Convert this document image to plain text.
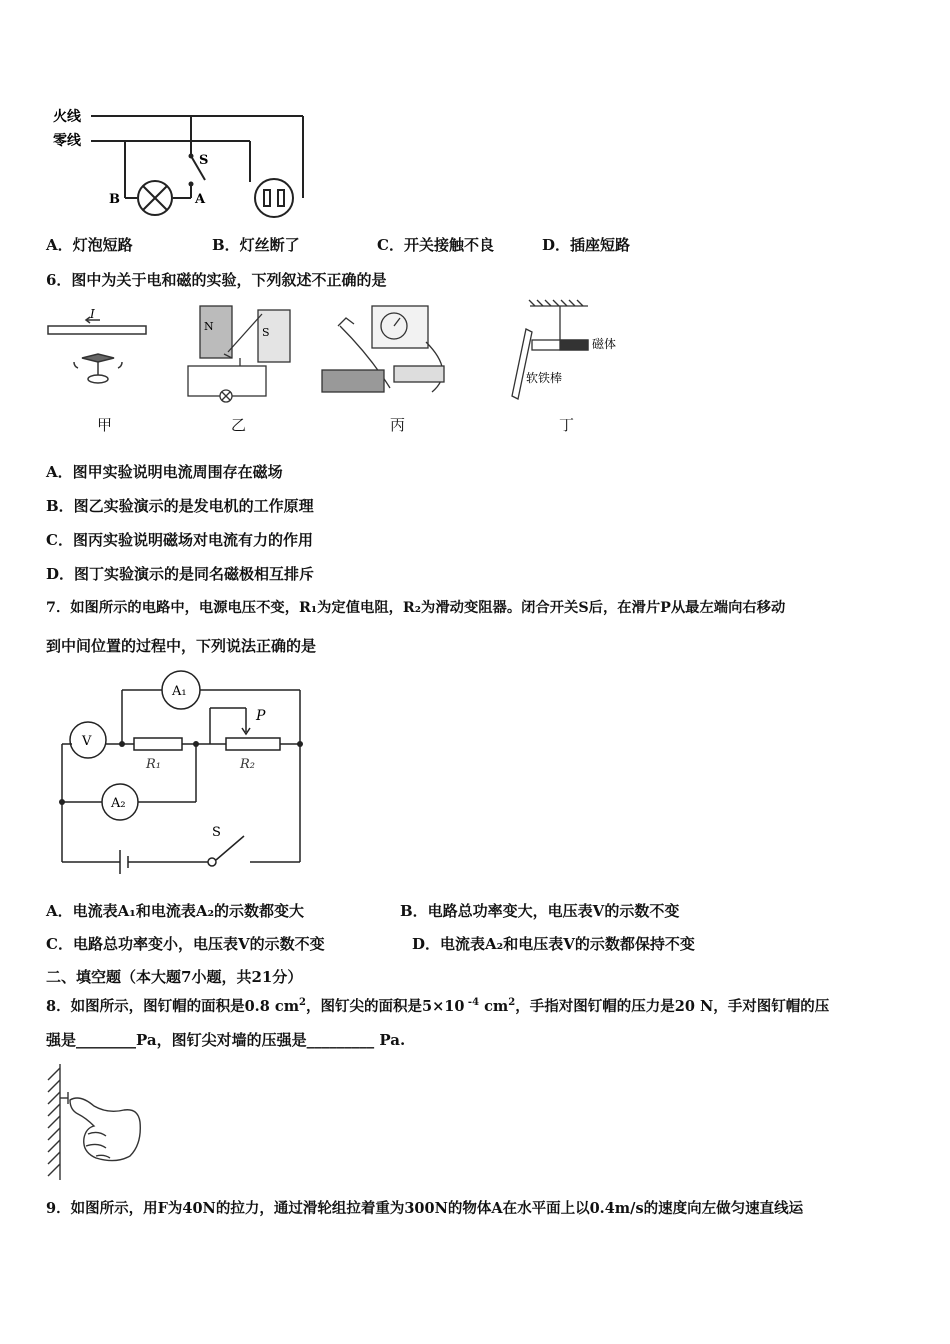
火线
零线
S
B	A
A．灯泡短路	B．灯丝断了	C．开关接触不良	D．插座短路
6．图中为关于电和磁的实验，下列叙述不正确的是
I
N	S
磁体
软铁棒
甲	乙	丙	丁
A．图甲实验说明电流周围存在磁场
B．图乙实验演示的是发电机的工作原理
C．图丙实验说明磁场对电流有力的作用
D．图丁实验演示的是同名磁极相互排斥
7．如图所示的电路中，电源电压不变，R₁为定值电阻，R₂为滑动变阻器。闭合开关S后，在滑片P从最左端向右移动
到中间位置的过程中，下列说法正确的是
A₁
V
A₂
R₁	R₂
P
S
A．电流表A₁和电流表A₂的示数都变大	B．电路总功率变大，电压表V的示数不变
C．电路总功率变小，电压表V的示数不变	D．电流表A₂和电压表V的示数都保持不变
二、填空题（本大题7小题，共21分）
8．如图所示，图钉帽的面积是0.8 $cm^2$，图钉尖的面积是5×10 $^{-4}$ $cm^2$，手指对图钉帽的压力是20 N，手对图钉帽的压
强是________Pa，图钉尖对墙的压强是_________ Pa.
9．如图所示，用F为40N的拉力，通过滑轮组拉着重为300N的物体A在水平面上以0.4m/s的速度向左做匀速直线运
